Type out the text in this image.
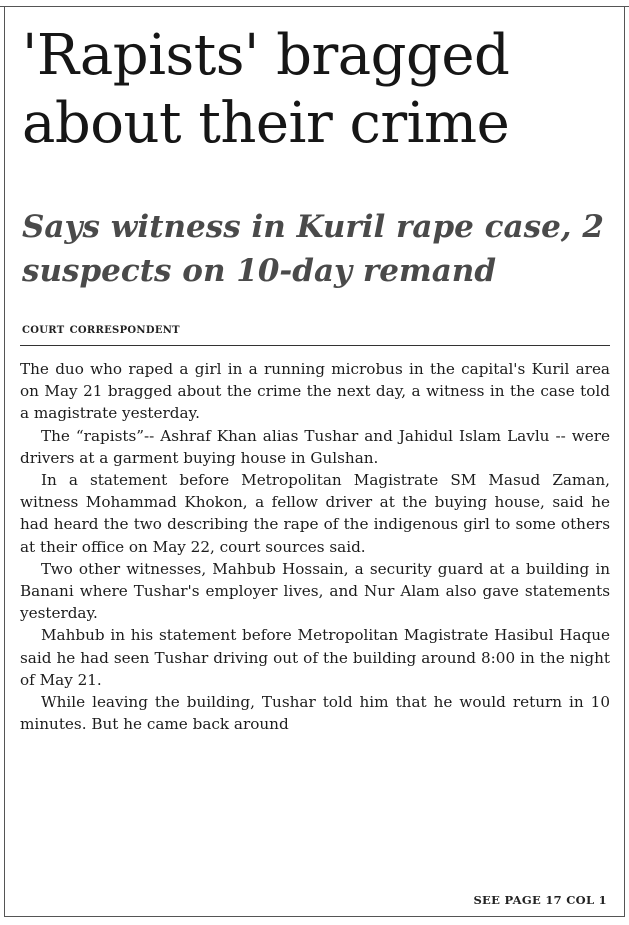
'Rapists' bragged about their crime
Says witness in Kuril rape case, 2 suspects on 10-day remand
court correspondent

The duo who raped a girl in a running microbus in the capital's Kuril area on May 21 bragged about the crime the next day, a witness in the case told a magistrate yesterday.

The “rapists”-- Ashraf Khan alias Tushar and Jahidul Islam Lavlu -- were drivers at a garment buying house in Gulshan.

In a statement before Metropolitan Magistrate SM Masud Zaman, witness Mohammad Khokon, a fellow driver at the buying house, said he had heard the two describing the rape of the indigenous girl to some others at their office on May 22, court sources said.

Two other witnesses, Mahbub Hossain, a security guard at a building in Banani where Tushar's employer lives, and Nur Alam also gave statements yesterday.

Mahbub in his statement before Metropolitan Magistrate Hasibul Haque said he had seen Tushar driving out of the building around 8:00 in the night of May 21.

While leaving the building, Tushar told him that he would return in 10 minutes. But he came back around

SEE PAGE 17 COL 1
